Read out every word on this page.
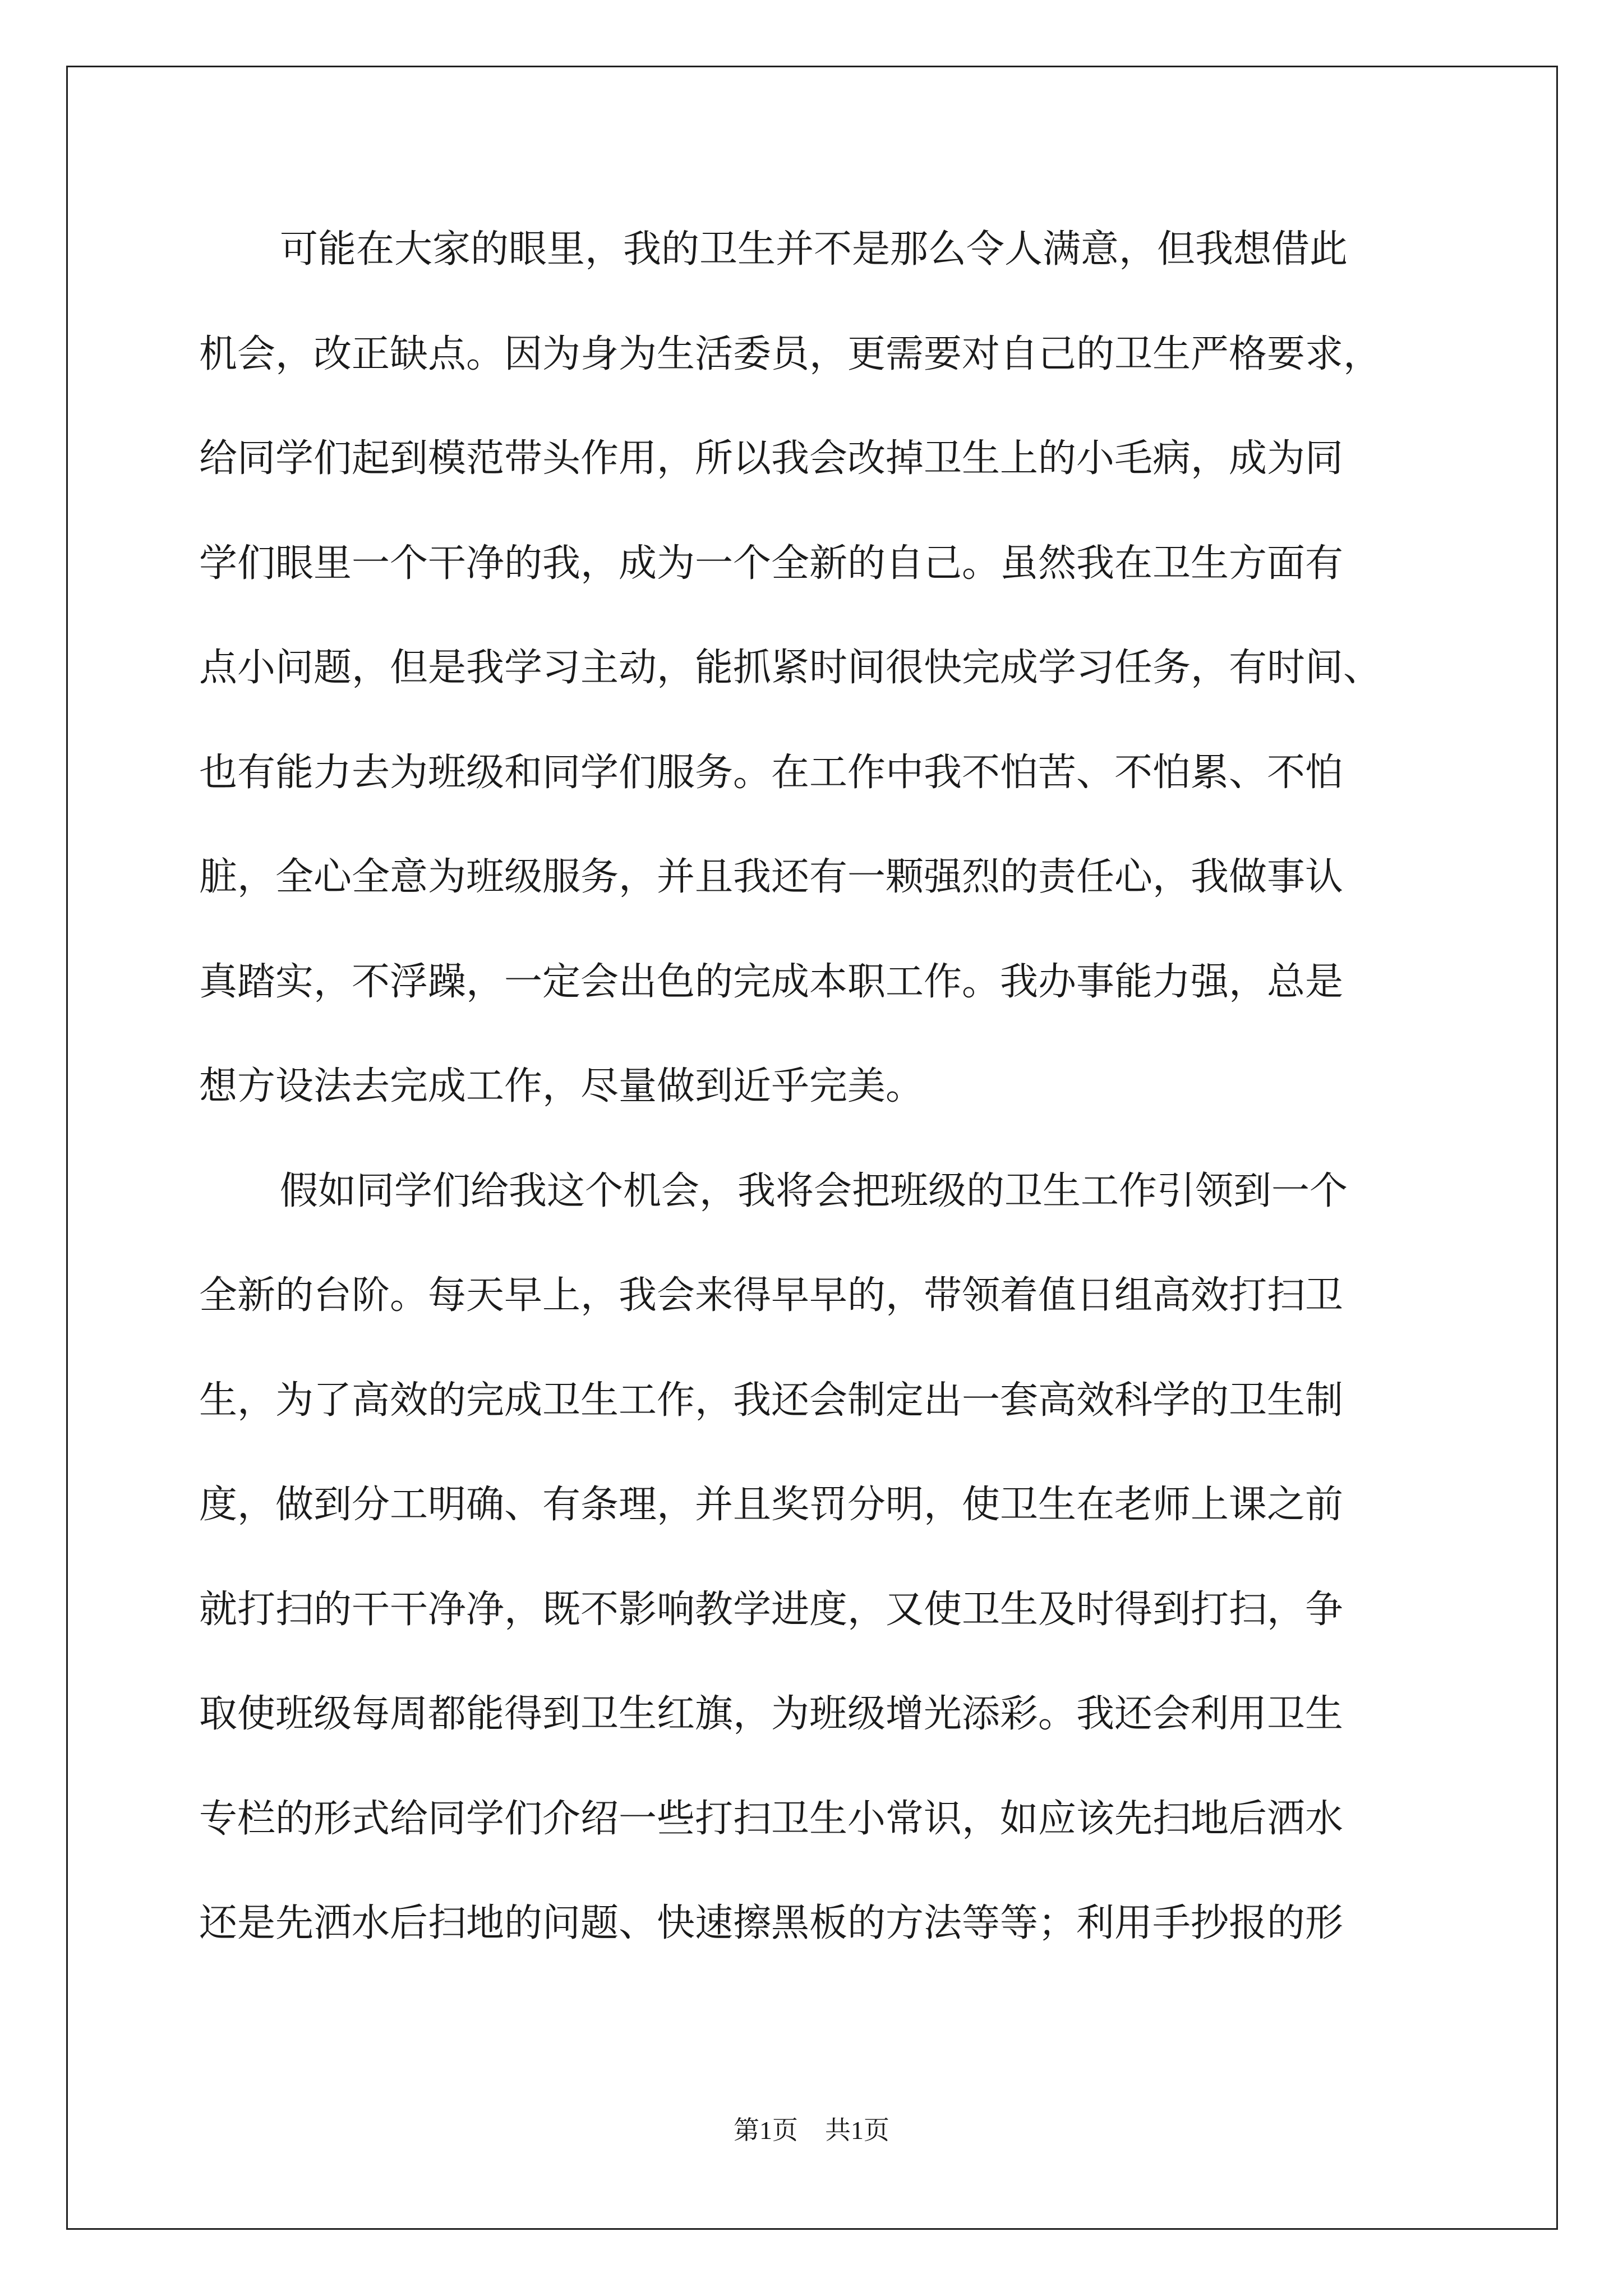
可能在大家的眼里，我的卫生并不是那么令人满意，但我想借此
机会，改正缺点。因为身为生活委员，更需要对自己的卫生严格要求，
给同学们起到模范带头作用，所以我会改掉卫生上的小毛病，成为同
学们眼里一个干净的我，成为一个全新的自己。虽然我在卫生方面有
点小问题，但是我学习主动，能抓紧时间很快完成学习任务，有时间、
也有能力去为班级和同学们服务。在工作中我不怕苦、不怕累、不怕
脏，全心全意为班级服务，并且我还有一颗强烈的责任心，我做事认
真踏实，不浮躁，一定会出色的完成本职工作。我办事能力强，总是
想方设法去完成工作，尽量做到近乎完美。
假如同学们给我这个机会，我将会把班级的卫生工作引领到一个
全新的台阶。每天早上，我会来得早早的，带领着值日组高效打扫卫
生，为了高效的完成卫生工作，我还会制定出一套高效科学的卫生制
度，做到分工明确、有条理，并且奖罚分明，使卫生在老师上课之前
就打扫的干干净净，既不影响教学进度，又使卫生及时得到打扫，争
取使班级每周都能得到卫生红旗，为班级增光添彩。我还会利用卫生
专栏的形式给同学们介绍一些打扫卫生小常识，如应该先扫地后洒水
还是先洒水后扫地的问题、快速擦黑板的方法等等；利用手抄报的形
第1页 共1页
